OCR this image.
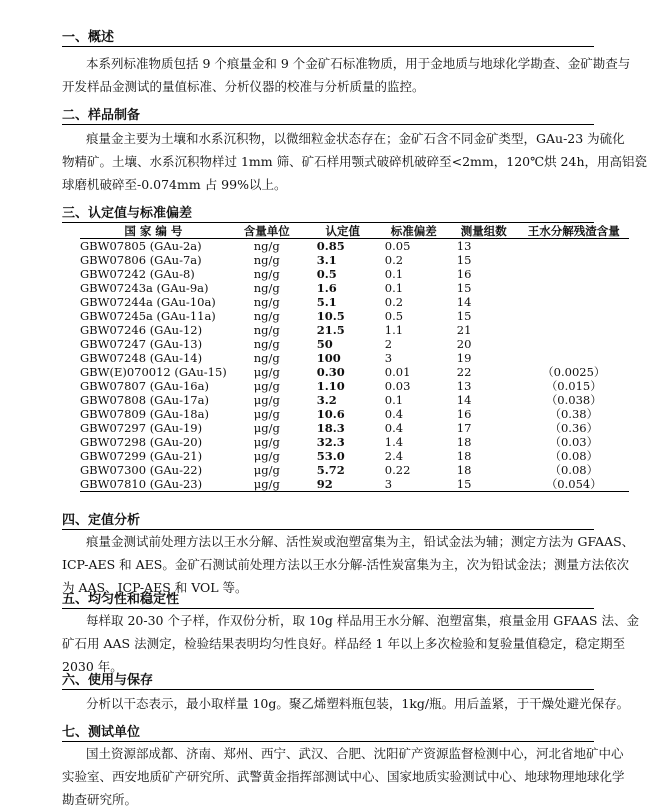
一、概述

本系列标准物质包括 9 个痕量金和 9 个金矿石标准物质，用于金地质与地球化学勘查、金矿勘查与
开发样品金测试的量值标准、分析仪器的校准与分析质量的监控。

二、样品制备

痕量金主要为土壤和水系沉积物，以微细粒金状态存在；金矿石含不同金矿类型，GAu-23 为硫化
物精矿。土壤、水系沉积物样过 1mm 筛、矿石样用颚式破碎机破碎至<2mm，120℃烘 24h，用高铝瓷
球磨机破碎至-0.074mm 占 99%以上。

三、认定值与标准偏差
国 家 编 号	含量单位	认定值	标准偏差	测量组数	王水分解残渣含量
GBW07805 (GAu-2a)	ng/g	0.85	0.05	13	
GBW07806 (GAu-7a)	ng/g	3.1	0.2	15	
GBW07242 (GAu-8)	ng/g	0.5	0.1	16	
GBW07243a (GAu-9a)	ng/g	1.6	0.1	15	
GBW07244a (GAu-10a)	ng/g	5.1	0.2	14	
GBW07245a (GAu-11a)	ng/g	10.5	0.5	15	
GBW07246 (GAu-12)	ng/g	21.5	1.1	21	
GBW07247 (GAu-13)	ng/g	50	2	20	
GBW07248 (GAu-14)	ng/g	100	3	19	
GBW(E)070012 (GAu-15)	μg/g	0.30	0.01	22	（0.0025）
GBW07807 (GAu-16a)	μg/g	1.10	0.03	13	（0.015）
GBW07808 (GAu-17a)	μg/g	3.2	0.1	14	（0.038）
GBW07809 (GAu-18a)	μg/g	10.6	0.4	16	（0.38）
GBW07297 (GAu-19)	μg/g	18.3	0.4	17	（0.36）
GBW07298 (GAu-20)	μg/g	32.3	1.4	18	（0.03）
GBW07299 (GAu-21)	μg/g	53.0	2.4	18	（0.08）
GBW07300 (GAu-22)	μg/g	5.72	0.22	18	（0.08）
GBW07810 (GAu-23)	μg/g	92	3	15	（0.054）
四、定值分析

痕量金测试前处理方法以王水分解、活性炭或泡塑富集为主，铅试金法为辅；测定方法为 GFAAS、
ICP-AES 和 AES。金矿石测试前处理方法以王水分解-活性炭富集为主，次为铅试金法；测量方法依次
为 AAS、ICP-AES 和 VOL 等。

五、均匀性和稳定性

每样取 20-30 个子样，作双份分析，取 10g 样品用王水分解、泡塑富集，痕量金用 GFAAS 法、金
矿石用 AAS 法测定，检验结果表明均匀性良好。样品经 1 年以上多次检验和复验量值稳定，稳定期至
2030 年。

六、使用与保存

分析以干态表示，最小取样量 10g。聚乙烯塑料瓶包装，1kg/瓶。用后盖紧，于干燥处避光保存。

七、测试单位

国土资源部成都、济南、郑州、西宁、武汉、合肥、沈阳矿产资源监督检测中心，河北省地矿中心
实验室、西安地质矿产研究所、武警黄金指挥部测试中心、国家地质实验测试中心、地球物理地球化学
勘查研究所。
